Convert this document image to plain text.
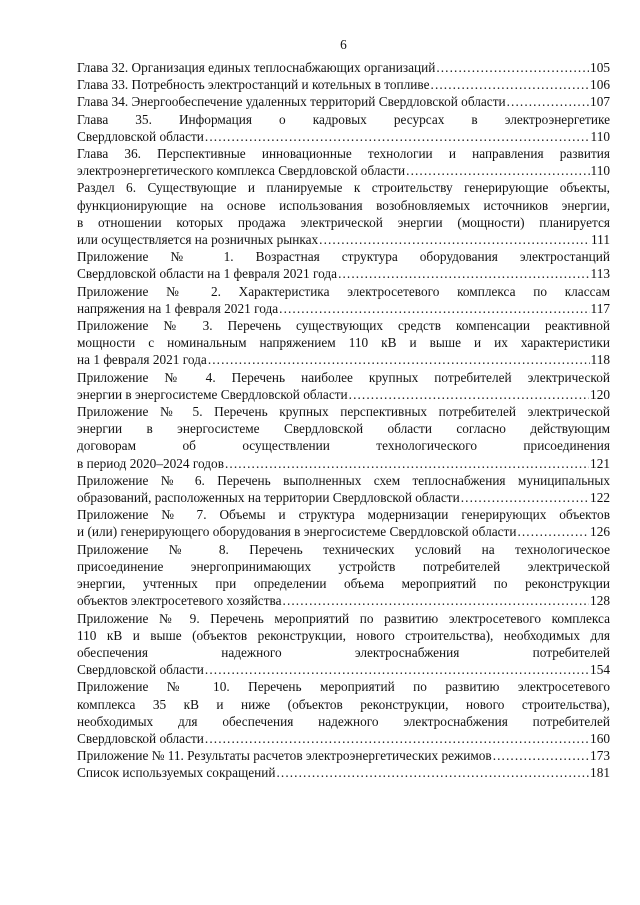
6
Глава 32. Организация единых теплоснабжающих организаций .....	105
Глава 33. Потребность электростанций и котельных в топливе .....	106
Глава 34. Энергообеспечение удаленных территорий Свердловской области .....	107
Глава 35. Информация о кадровых ресурсах в электроэнергетике
Свердловской области .....	110
Глава 36. Перспективные инновационные технологии и направления развития
электроэнергетического комплекса Свердловской области .....	110
Раздел 6. Существующие и планируемые к строительству генерирующие объекты,
функционирующие на основе использования возобновляемых источников энергии,
в отношении которых продажа электрической энергии (мощности) планируется
или осуществляется на розничных рынках .....	111
Приложение № 1. Возрастная структура оборудования электростанций
Свердловской области на 1 февраля 2021 года .....	113
Приложение № 2. Характеристика электросетевого комплекса по классам
напряжения на 1 февраля 2021 года .....	117
Приложение № 3. Перечень существующих средств компенсации реактивной
мощности с номинальным напряжением 110 кВ и выше и их характеристики
на 1 февраля 2021 года .....	118
Приложение № 4. Перечень наиболее крупных потребителей электрической
энергии в энергосистеме Свердловской области .....	120
Приложение № 5. Перечень крупных перспективных потребителей электрической
энергии в энергосистеме Свердловской области согласно действующим
договорам об осуществлении технологического присоединения
в период 2020–2024 годов .....	121
Приложение № 6. Перечень выполненных схем теплоснабжения муниципальных
образований, расположенных на территории Свердловской области .....	122
Приложение № 7. Объемы и структура модернизации генерирующих объектов
и (или) генерирующего оборудования в энергосистеме Свердловской области .....	126
Приложение № 8. Перечень технических условий на технологическое
присоединение энергопринимающих устройств потребителей электрической
энергии, учтенных при определении объема мероприятий по реконструкции
объектов электросетевого хозяйства .....	128
Приложение № 9. Перечень мероприятий по развитию электросетевого комплекса
110 кВ и выше (объектов реконструкции, нового строительства), необходимых для
обеспечения надежного электроснабжения потребителей
Свердловской области .....	154
Приложение № 10. Перечень мероприятий по развитию электросетевого
комплекса 35 кВ и ниже (объектов реконструкции, нового строительства),
необходимых для обеспечения надежного электроснабжения потребителей
Свердловской области .....	160
Приложение № 11. Результаты расчетов электроэнергетических режимов .....	173
Список используемых сокращений .....	181
